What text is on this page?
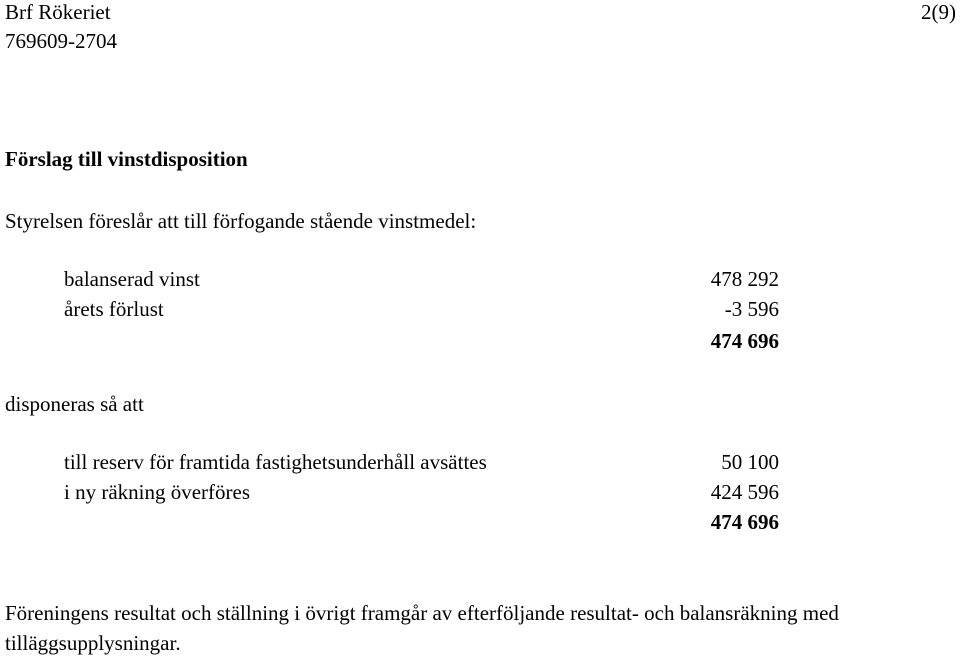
Brf Rökeriet
769609-2704
2(9)
Förslag till vinstdisposition
Styrelsen föreslår att till förfogande stående vinstmedel:
balanserad vinst	478 292
årets förlust	-3 596
474 696
disponeras så att
till reserv för framtida fastighetsunderhåll avsättes	50 100
i ny räkning överföres	424 596
474 696
Föreningens resultat och ställning i övrigt framgår av efterföljande resultat- och balansräkning med tilläggsupplysningar.
